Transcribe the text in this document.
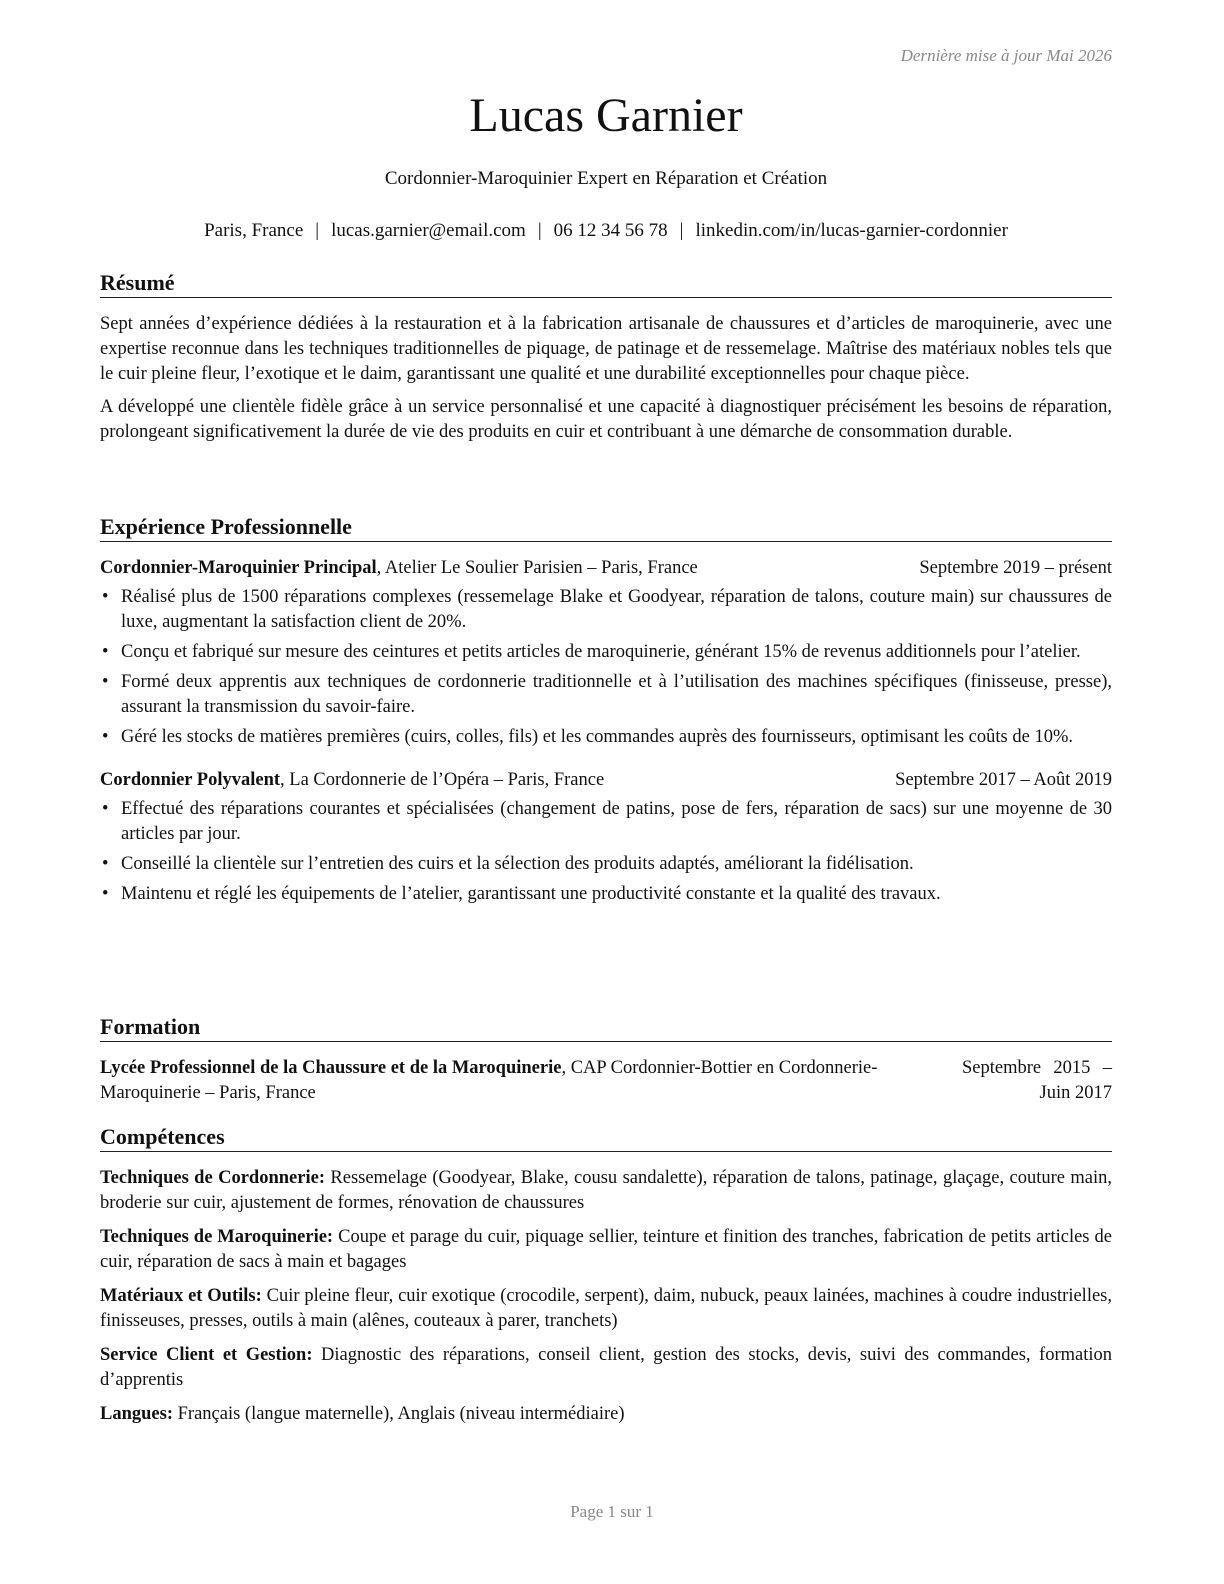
Dernière mise à jour Mai 2026
Lucas Garnier
Cordonnier-Maroquinier Expert en Réparation et Création
Paris, France | lucas.garnier@email.com | 06 12 34 56 78 | linkedin.com/in/lucas-garnier-cordonnier
Résumé

Sept années d’expérience dédiées à la restauration et à la fabrication artisanale de chaussures et d’articles de maroquinerie, avec une expertise reconnue dans les techniques traditionnelles de piquage, de patinage et de ressemelage. Maîtrise des matériaux nobles tels que le cuir pleine fleur, l’exotique et le daim, garantissant une qualité et une durabilité exceptionnelles pour chaque pièce.

A développé une clientèle fidèle grâce à un service personnalisé et une capacité à diagnostiquer précisément les besoins de réparation, prolongeant significativement la durée de vie des produits en cuir et contribuant à une démarche de consommation durable.

Expérience Professionnelle
Cordonnier-Maroquinier Principal, Atelier Le Soulier Parisien – Paris, France	Septembre 2019 – présent
• Réalisé plus de 1500 réparations complexes (ressemelage Blake et Goodyear, réparation de talons, couture main) sur chaussures de luxe, augmentant la satisfaction client de 20%.
• Conçu et fabriqué sur mesure des ceintures et petits articles de maroquinerie, générant 15% de revenus additionnels pour l’atelier.
• Formé deux apprentis aux techniques de cordonnerie traditionnelle et à l’utilisation des machines spécifiques (finisseuse, presse), assurant la transmission du savoir-faire.
• Géré les stocks de matières premières (cuirs, colles, fils) et les commandes auprès des fournisseurs, optimisant les coûts de 10%.
Cordonnier Polyvalent, La Cordonnerie de l’Opéra – Paris, France	Septembre 2017 – Août 2019
• Effectué des réparations courantes et spécialisées (changement de patins, pose de fers, réparation de sacs) sur une moyenne de 30 articles par jour.
• Conseillé la clientèle sur l’entretien des cuirs et la sélection des produits adaptés, améliorant la fidélisation.
• Maintenu et réglé les équipements de l’atelier, garantissant une productivité constante et la qualité des travaux.
Formation
Lycée Professionnel de la Chaussure et de la Maroquinerie, CAP Cordonnier-Bottier en Cordonnerie-Maroquinerie – Paris, France
Septembre 2015 – Juin 2017
Compétences

Techniques de Cordonnerie: Ressemelage (Goodyear, Blake, cousu sandalette), réparation de talons, patinage, glaçage, couture main, broderie sur cuir, ajustement de formes, rénovation de chaussures

Techniques de Maroquinerie: Coupe et parage du cuir, piquage sellier, teinture et finition des tranches, fabrication de petits articles de cuir, réparation de sacs à main et bagages

Matériaux et Outils: Cuir pleine fleur, cuir exotique (crocodile, serpent), daim, nubuck, peaux lainées, machines à coudre industrielles, finisseuses, presses, outils à main (alênes, couteaux à parer, tranchets)

Service Client et Gestion: Diagnostic des réparations, conseil client, gestion des stocks, devis, suivi des commandes, formation d’apprentis

Langues: Français (langue maternelle), Anglais (niveau intermédiaire)

Page 1 sur 1
